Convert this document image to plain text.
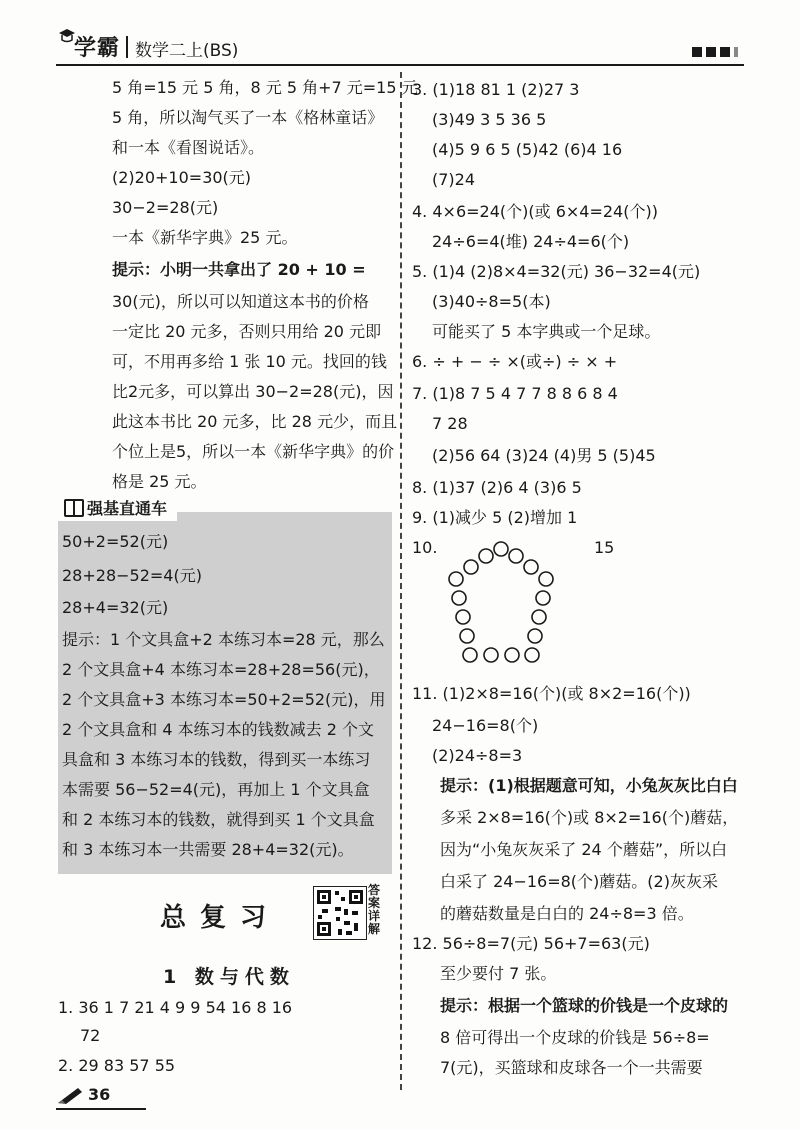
学霸 数学二上(BS)
5 角=15 元 5 角，8 元 5 角+7 元=15 元
5 角，所以淘气买了一本《格林童话》
和一本《看图说话》。
(2)20+10=30(元)
30−2=28(元)
一本《新华字典》25 元。
提示：小明一共拿出了 20 + 10 =
30(元)，所以可以知道这本书的价格
一定比 20 元多，否则只用给 20 元即
可，不用再多给 1 张 10 元。找回的钱
比2元多，可以算出 30−2=28(元)，因
此这本书比 20 元多，比 28 元少，而且
个位上是5，所以一本《新华字典》的价
格是 25 元。
强基直通车
50+2=52(元)
28+28−52=4(元)
28+4=32(元)
提示：1 个文具盒+2 本练习本=28 元，那么
2 个文具盒+4 本练习本=28+28=56(元)，
2 个文具盒+3 本练习本=50+2=52(元)，用
2 个文具盒和 4 本练习本的钱数减去 2 个文
具盒和 3 本练习本的钱数，得到买一本练习
本需要 56−52=4(元)，再加上 1 个文具盒
和 2 本练习本的钱数，就得到买 1 个文具盒
和 3 本练习本一共需要 28+4=32(元)。
总复习
答案详解
1 数与代数
1. 36 1 7 21 4 9 9 54 16 8 16
72
2. 29 83 57 55
3. (1)18 81 1 (2)27 3
(3)49 3 5 36 5
(4)5 9 6 5 (5)42 (6)4 16
(7)24
4. 4×6=24(个)(或 6×4=24(个))
24÷6=4(堆) 24÷4=6(个)
5. (1)4 (2)8×4=32(元) 36−32=4(元)
(3)40÷8=5(本)
可能买了 5 本字典或一个足球。
6. ÷ + − ÷ ×(或÷) ÷ × +
7. (1)8 7 5 4 7 7 8 8 6 8 4
7 28
(2)56 64 (3)24 (4)男 5 (5)45
8. (1)37 (2)6 4 (3)6 5
9. (1)减少 5 (2)增加 1
10.	15
11. (1)2×8=16(个)(或 8×2=16(个))
24−16=8(个)
(2)24÷8=3
提示：(1)根据题意可知，小兔灰灰比白白
多采 2×8=16(个)或 8×2=16(个)蘑菇，
因为“小兔灰灰采了 24 个蘑菇”，所以白
白采了 24−16=8(个)蘑菇。(2)灰灰采
的蘑菇数量是白白的 24÷8=3 倍。
12. 56÷8=7(元) 56+7=63(元)
至少要付 7 张。
提示：根据一个篮球的价钱是一个皮球的
8 倍可得出一个皮球的价钱是 56÷8=
7(元)，买篮球和皮球各一个一共需要
36
